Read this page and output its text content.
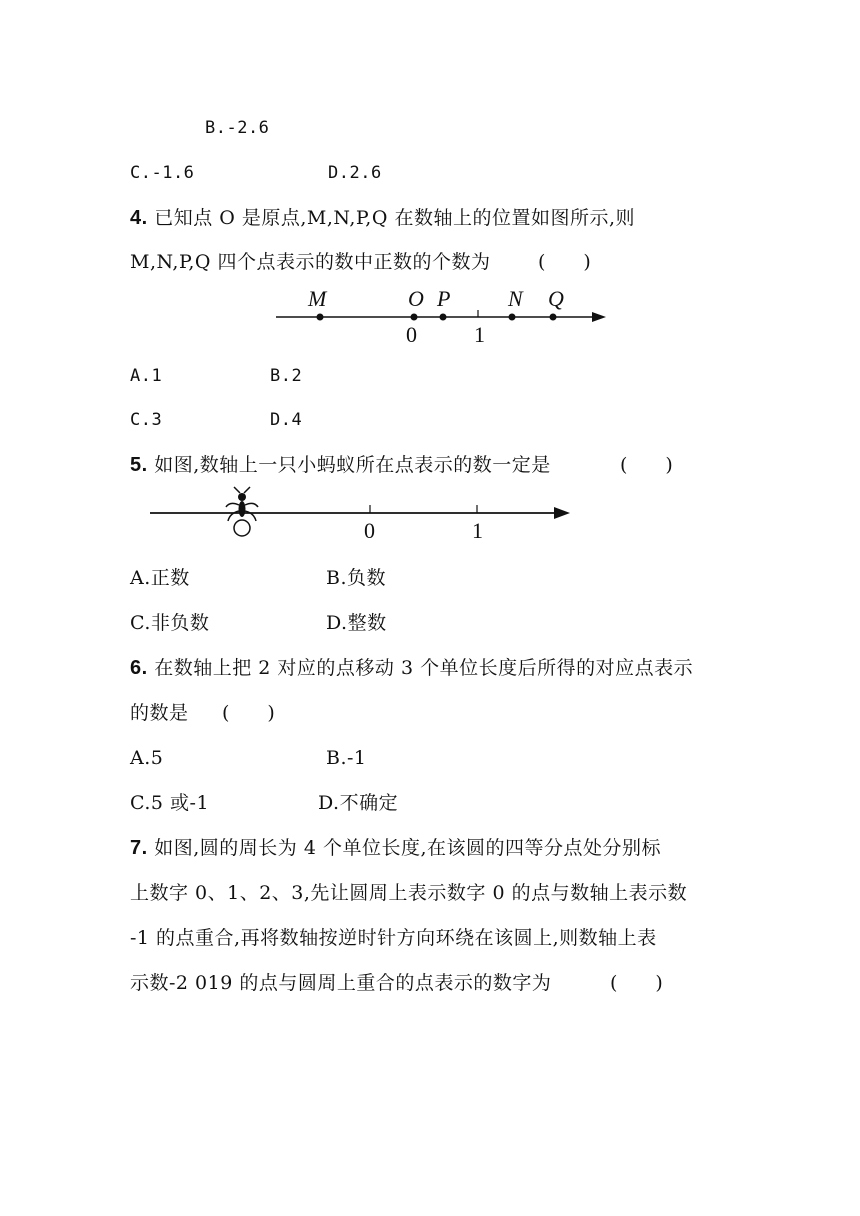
B.-2.6
C.-1.6	D.2.6
4. 已知点 O 是原点,M,N,P,Q 在数轴上的位置如图所示,则
M,N,P,Q 四个点表示的数中正数的个数为 (　　)
0	1
M	O P	N Q
0	1
A.1	B.2
C.3	D.4
5. 如图,数轴上一只小蚂蚁所在点表示的数一定是	(　　)
A.正数	B.负数
C.非负数	D.整数
6. 在数轴上把 2 对应的点移动 3 个单位长度后所得的对应点表示
的数是 (　　)
A.5	B.-1
C.5 或-1	D.不确定
7. 如图,圆的周长为 4 个单位长度,在该圆的四等分点处分别标
上数字 0、1、2、3,先让圆周上表示数字 0 的点与数轴上表示数
-1 的点重合,再将数轴按逆时针方向环绕在该圆上,则数轴上表
示数-2 019 的点与圆周上重合的点表示的数字为	(　　)
